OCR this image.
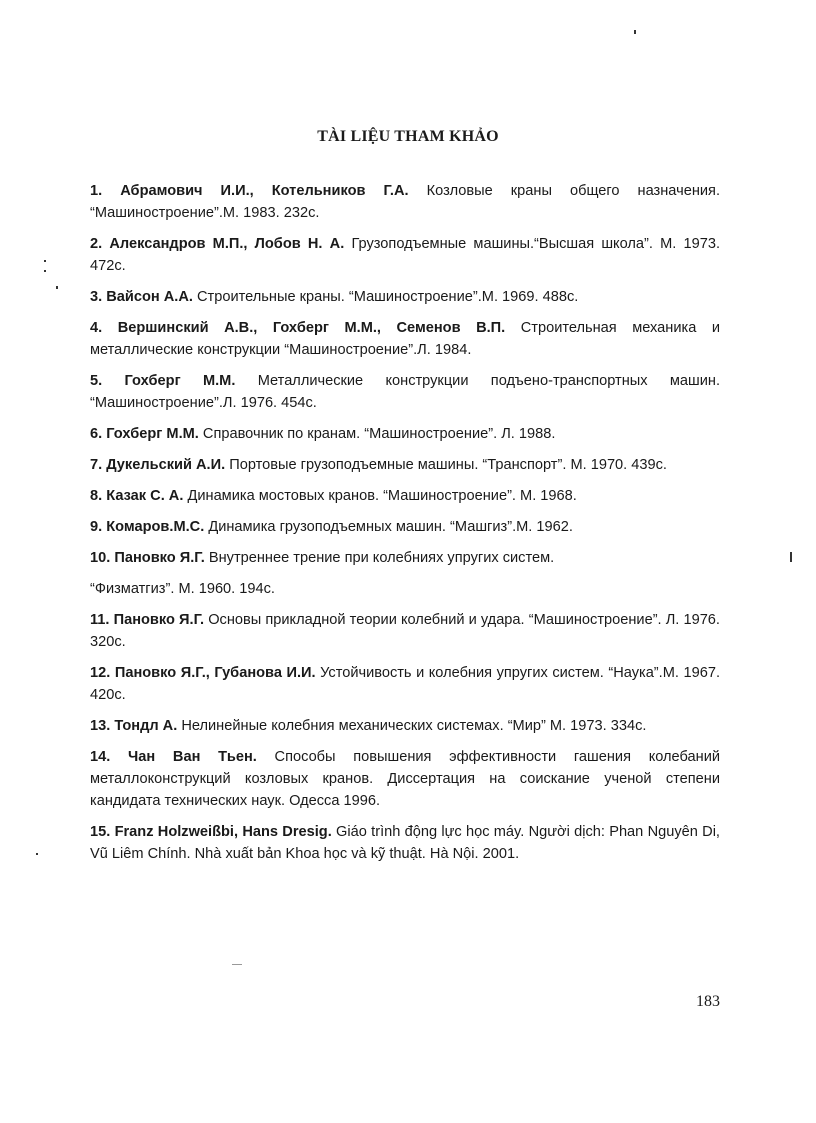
TÀI LIỆU THAM KHẢO

1. Абрамович И.И., Котельников Г.А. Козловые краны общего назначения. “Машиностроение”.М. 1983. 232с.

2. Александров М.П., Лобов Н. А. Грузоподъемные машины.“Высшая школа”. М. 1973. 472с.

3. Вайсон А.А. Строительные краны. “Машиностроение”.М. 1969. 488с.

4. Вершинский А.В., Гохберг М.М., Семенов В.П. Строительная механика и металлические конструкции “Машиностроение”.Л. 1984.

5. Гохберг М.М. Металлические конструкции подъено-транспортных машин. “Машиностроение”.Л. 1976. 454с.

6. Гохберг М.М. Справочник по кранам. “Машиностроение”. Л. 1988.

7. Дукельский А.И. Портовые грузоподъемные машины. “Транспорт”. М. 1970. 439с.

8. Казак С. А. Динамика мостовых кранов. “Машиностроение”. М. 1968.

9. Комаров.М.С. Динамика грузоподъемных машин. “Машгиз”.М. 1962.

10. Пановко Я.Г. Внутреннее трение при колебниях упругих систем.

“Физматгиз”. М. 1960. 194с.

11. Пановко Я.Г. Основы прикладной теории колебний и удара. “Машиностроение”. Л. 1976. 320с.

12. Пановко Я.Г., Губанова И.И. Устойчивость и колебния упругих систем. “Наука”.М. 1967. 420с.

13. Тондл А. Нелинейные колебния механических системах. “Мир” М. 1973. 334с.

14. Чан Ван Тьен. Способы повышения эффективности гашения колебаний металлоконструкций козловых кранов. Диссертация на соискание ученой степени кандидата технических наук. Одесса 1996.

15. Franz Holzweißbi, Hans Dresig. Giáo trình động lực học máy. Người dịch: Phan Nguyên Di, Vũ Liêm Chính. Nhà xuất bản Khoa học và kỹ thuật. Hà Nội. 2001.

183
